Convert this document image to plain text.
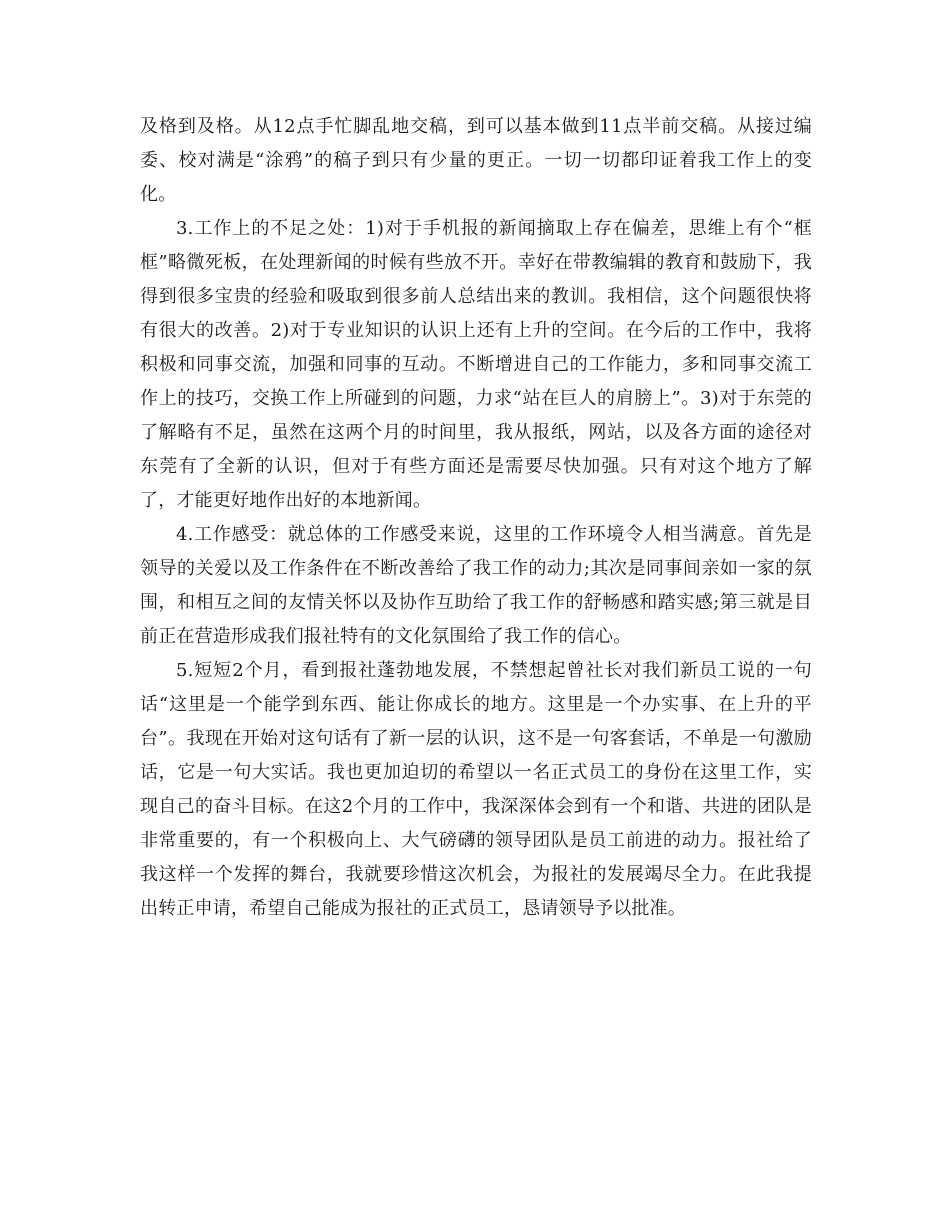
及格到及格。从12点手忙脚乱地交稿，到可以基本做到11点半前交稿。从接过编委、校对满是“涂鸦”的稿子到只有少量的更正。一切一切都印证着我工作上的变化。

3.工作上的不足之处：1)对于手机报的新闻摘取上存在偏差，思维上有个“框框”略微死板，在处理新闻的时候有些放不开。幸好在带教编辑的教育和鼓励下，我得到很多宝贵的经验和吸取到很多前人总结出来的教训。我相信，这个问题很快将有很大的改善。2)对于专业知识的认识上还有上升的空间。在今后的工作中，我将积极和同事交流，加强和同事的互动。不断增进自己的工作能力，多和同事交流工作上的技巧，交换工作上所碰到的问题，力求“站在巨人的肩膀上”。3)对于东莞的了解略有不足，虽然在这两个月的时间里，我从报纸，网站，以及各方面的途径对东莞有了全新的认识，但对于有些方面还是需要尽快加强。只有对这个地方了解了，才能更好地作出好的本地新闻。

4.工作感受：就总体的工作感受来说，这里的工作环境令人相当满意。首先是领导的关爱以及工作条件在不断改善给了我工作的动力;其次是同事间亲如一家的氛围，和相互之间的友情关怀以及协作互助给了我工作的舒畅感和踏实感;第三就是目前正在营造形成我们报社特有的文化氛围给了我工作的信心。

5.短短2个月，看到报社蓬勃地发展，不禁想起曾社长对我们新员工说的一句话“这里是一个能学到东西、能让你成长的地方。这里是一个办实事、在上升的平台”。我现在开始对这句话有了新一层的认识，这不是一句客套话，不单是一句激励话，它是一句大实话。我也更加迫切的希望以一名正式员工的身份在这里工作，实现自己的奋斗目标。在这2个月的工作中，我深深体会到有一个和谐、共进的团队是非常重要的，有一个积极向上、大气磅礴的领导团队是员工前进的动力。报社给了我这样一个发挥的舞台，我就要珍惜这次机会，为报社的发展竭尽全力。在此我提出转正申请，希望自己能成为报社的正式员工，恳请领导予以批准。
